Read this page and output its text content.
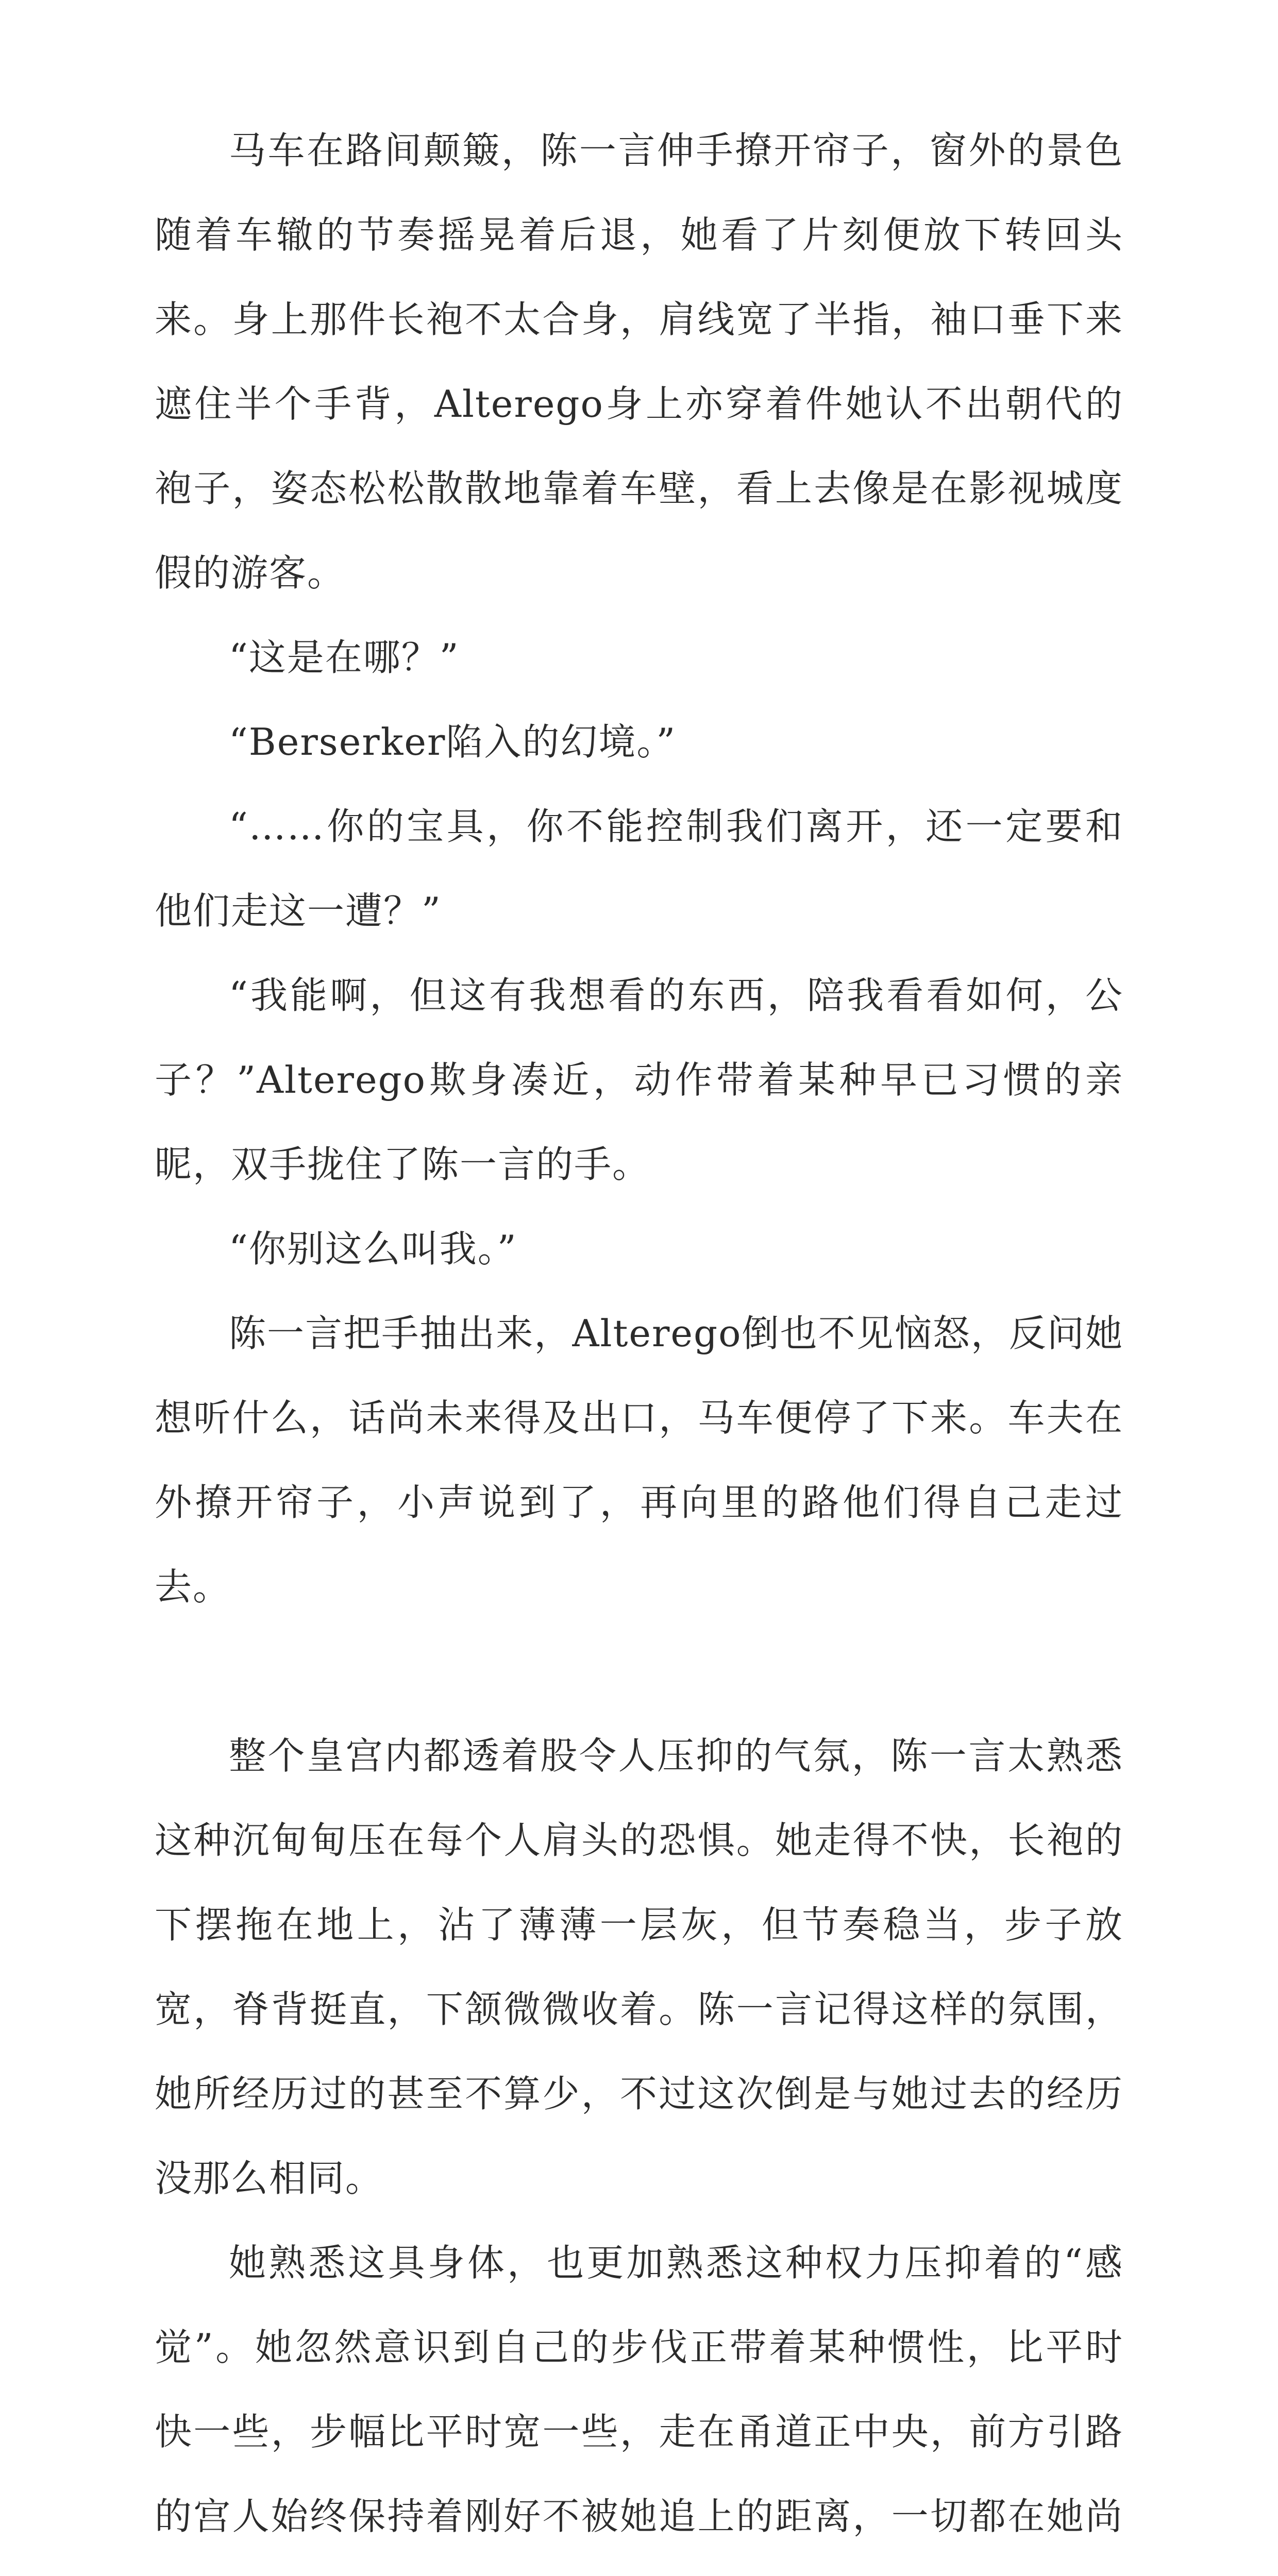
马车在路间颠簸，陈一言伸手撩开帘子，窗外的景色随着车辙的节奏摇晃着后退，她看了片刻便放下转回头来。身上那件长袍不太合身，肩线宽了半指，袖口垂下来遮住半个手背，Alterego身上亦穿着件她认不出朝代的袍子，姿态松松散散地靠着车壁，看上去像是在影视城度假的游客。

“这是在哪？”

“Berserker陷入的幻境。”

“……你的宝具，你不能控制我们离开，还一定要和他们走这一遭？”

“我能啊，但这有我想看的东西，陪我看看如何，公子？”Alterego欺身凑近，动作带着某种早已习惯的亲昵，双手拢住了陈一言的手。

“你别这么叫我。”

陈一言把手抽出来，Alterego倒也不见恼怒，反问她想听什么，话尚未来得及出口，马车便停了下来。车夫在外撩开帘子，小声说到了，再向里的路他们得自己走过去。

整个皇宫内都透着股令人压抑的气氛，陈一言太熟悉这种沉甸甸压在每个人肩头的恐惧。她走得不快，长袍的下摆拖在地上，沾了薄薄一层灰，但节奏稳当，步子放宽，脊背挺直，下颔微微收着。陈一言记得这样的氛围，她所经历过的甚至不算少，不过这次倒是与她过去的经历没那么相同。

她熟悉这具身体，也更加熟悉这种权力压抑着的“感觉”。她忽然意识到自己的步伐正带着某种惯性，比平时快一些，步幅比平时宽一些，走在甬道正中央，前方引路的宫人始终保持着刚好不被她追上的距离，一切都在她尚
